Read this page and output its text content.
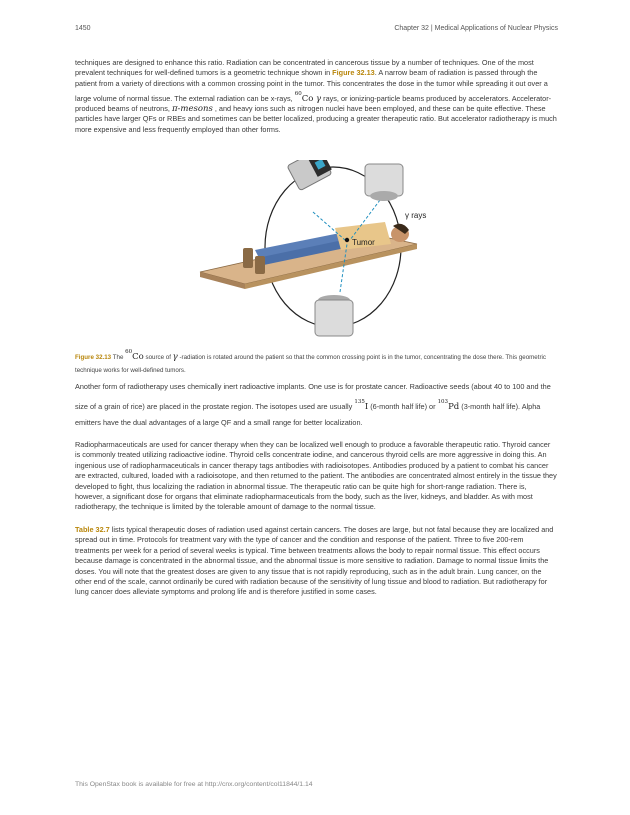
1450	Chapter 32 | Medical Applications of Nuclear Physics

techniques are designed to enhance this ratio. Radiation can be concentrated in cancerous tissue by a number of techniques. One of the most prevalent techniques for well-defined tumors is a geometric technique shown in Figure 32.13. A narrow beam of radiation is passed through the patient from a variety of directions with a common crossing point in the tumor. This concentrates the dose in the tumor while spreading it out over a large volume of normal tissue. The external radiation can be x-rays, $^{60}$Co γ rays, or ionizing-particle beams produced by accelerators. Accelerator-produced beams of neutrons, π-mesons , and heavy ions such as nitrogen nuclei have been employed, and these can be quite effective. These particles have larger QFs or RBEs and sometimes can be better localized, producing a greater therapeutic ratio. But accelerator radiotherapy is much more expensive and less frequently employed than other forms.

γ rays
Tumor

Figure 32.13 The $^{60}$Co source of γ -radiation is rotated around the patient so that the common crossing point is in the tumor, concentrating the dose there. This geometric technique works for well-defined tumors.

Another form of radiotherapy uses chemically inert radioactive implants. One use is for prostate cancer. Radioactive seeds (about 40 to 100 and the size of a grain of rice) are placed in the prostate region. The isotopes used are usually $^{135}$I (6-month half life) or $^{103}$Pd (3-month half life). Alpha emitters have the dual advantages of a large QF and a small range for better localization.

Radiopharmaceuticals are used for cancer therapy when they can be localized well enough to produce a favorable therapeutic ratio. Thyroid cancer is commonly treated utilizing radioactive iodine. Thyroid cells concentrate iodine, and cancerous thyroid cells are more aggressive in doing this. An ingenious use of radiopharmaceuticals in cancer therapy tags antibodies with radioisotopes. Antibodies produced by a patient to combat his cancer are extracted, cultured, loaded with a radioisotope, and then returned to the patient. The antibodies are concentrated almost entirely in the tissue they developed to fight, thus localizing the radiation in abnormal tissue. The therapeutic ratio can be quite high for short-range radiation. There is, however, a significant dose for organs that eliminate radiopharmaceuticals from the body, such as the liver, kidneys, and bladder. As with most radiotherapy, the technique is limited by the tolerable amount of damage to the normal tissue.

Table 32.7 lists typical therapeutic doses of radiation used against certain cancers. The doses are large, but not fatal because they are localized and spread out in time. Protocols for treatment vary with the type of cancer and the condition and response of the patient. Three to five 200-rem treatments per week for a period of several weeks is typical. Time between treatments allows the body to repair normal tissue. This effect occurs because damage is concentrated in the abnormal tissue, and the abnormal tissue is more sensitive to radiation. Damage to normal tissue limits the doses. You will note that the greatest doses are given to any tissue that is not rapidly reproducing, such as in the adult brain. Lung cancer, on the other end of the scale, cannot ordinarily be cured with radiation because of the sensitivity of lung tissue and blood to radiation. But radiotherapy for lung cancer does alleviate symptoms and prolong life and is therefore justified in some cases.

This OpenStax book is available for free at http://cnx.org/content/col11844/1.14
